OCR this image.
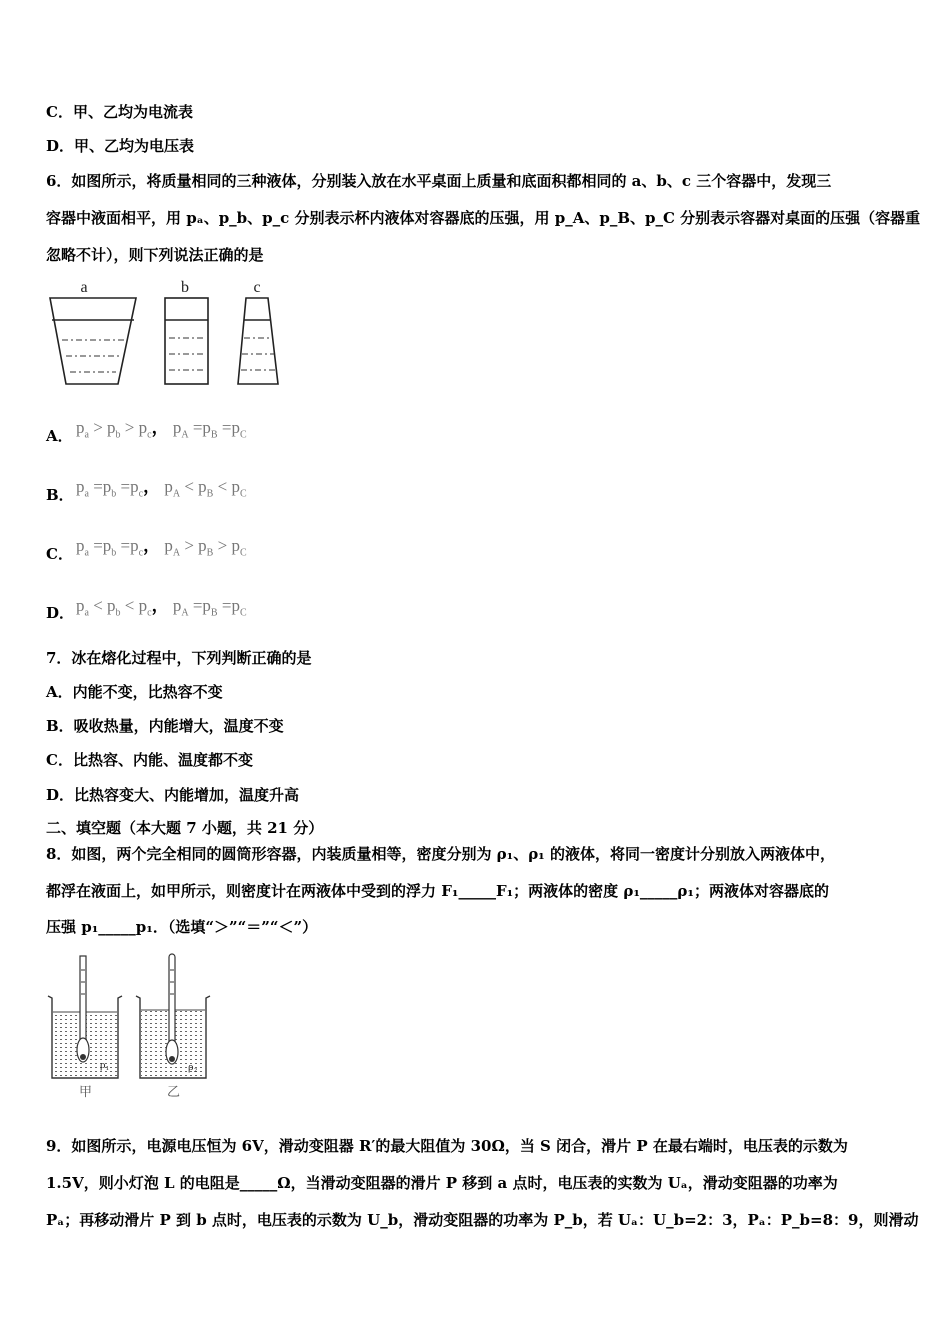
C．甲、乙均为电流表
D．甲、乙均为电压表
6．如图所示，将质量相同的三种液体，分别装入放在水平桌面上质量和底面积都相同的 a、b、c 三个容器中，发现三
容器中液面相平，用 pₐ、p_b、p_c 分别表示杯内液体对容器底的压强，用 p_A、p_B、p_C 分别表示容器对桌面的压强（容器重
忽略不计），则下列说法正确的是
a	b	c
A． $p_a > p_b > p_c$， $p_A =p_B =p_C$
B． $p_a =p_b =p_c$， $p_A < p_B < p_C$
C． $p_a =p_b =p_c$， $p_A > p_B > p_C$
D． $p_a < p_b < p_c$， $p_A =p_B =p_C$
7．冰在熔化过程中，下列判断正确的是
A．内能不变，比热容不变
B．吸收热量，内能增大，温度不变
C．比热容、内能、温度都不变
D．比热容变大、内能增加，温度升高
二、填空题（本大题 7 小题，共 21 分）
8．如图，两个完全相同的圆筒形容器，内装质量相等，密度分别为 ρ₁、ρ₁ 的液体，将同一密度计分别放入两液体中，
都浮在液面上，如甲所示，则密度计在两液体中受到的浮力 F₁_____F₁；两液体的密度 ρ₁_____ρ₁；两液体对容器底的
压强 p₁_____p₁．（选填“＞”“＝”“＜”）
ρ₁
甲
ρ₂
乙
9．如图所示，电源电压恒为 6V，滑动变阻器 R′的最大阻值为 30Ω，当 S 闭合，滑片 P 在最右端时，电压表的示数为
1.5V，则小灯泡 L 的电阻是_____Ω，当滑动变阻器的滑片 P 移到 a 点时，电压表的实数为 Uₐ，滑动变阻器的功率为
Pₐ；再移动滑片 P 到 b 点时，电压表的示数为 U_b，滑动变阻器的功率为 P_b，若 Uₐ：U_b=2：3，Pₐ：P_b=8：9，则滑动
